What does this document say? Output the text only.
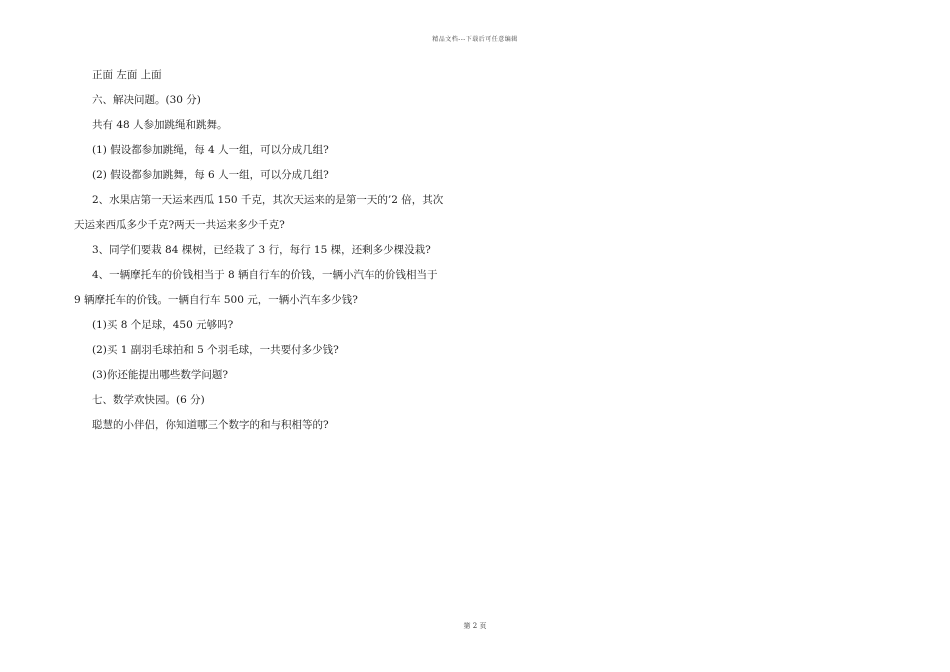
精品文档---下载后可任意编辑
正面 左面 上面
六、解决问题。(30 分)
共有 48 人参加跳绳和跳舞。
(1) 假设都参加跳绳，每 4 人一组，可以分成几组?
(2) 假设都参加跳舞，每 6 人一组，可以分成几组?
2、水果店第一天运来西瓜 150 千克，其次天运来的是第一天的’2 倍，其次
天运来西瓜多少千克?两天一共运来多少千克?
3、同学们要栽 84 棵树，已经栽了 3 行，每行 15 棵，还剩多少棵没栽?
4、一辆摩托车的价钱相当于 8 辆自行车的价钱，一辆小汽车的价钱相当于
9 辆摩托车的价钱。一辆自行车 500 元，一辆小汽车多少钱?
(1)买 8 个足球，450 元够吗?
(2)买 1 副羽毛球拍和 5 个羽毛球，一共要付多少钱?
(3)你还能提出哪些数学问题?
七、数学欢快园。(6 分)
聪慧的小伴侣，你知道哪三个数字的和与积相等的?
第 2 页
